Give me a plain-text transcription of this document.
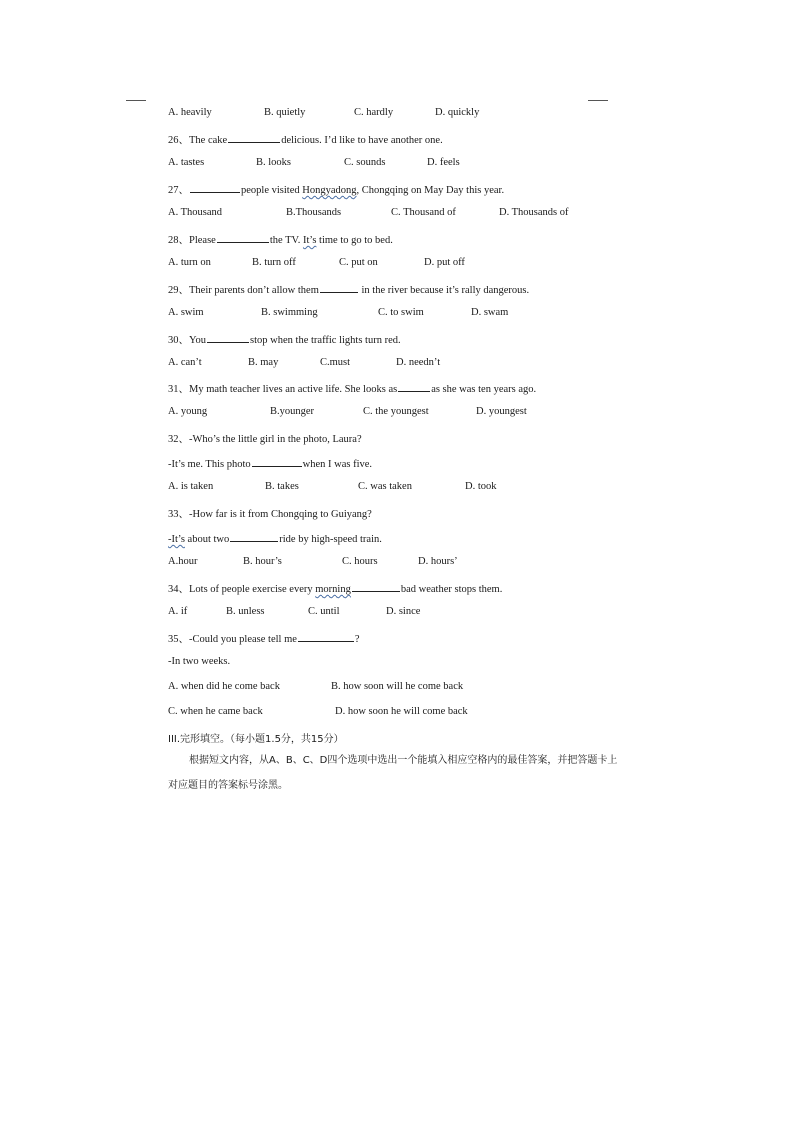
A. heavily	B. quietly	C. hardly	D. quickly
26、The cake	delicious. I’d like to have another one.
A. tastes	B. looks	C. sounds	D. feels
27、	people visited Hongyadong, Chongqing on May Day this year.
A. Thousand	B.Thousands	C. Thousand of	D. Thousands of
28、Please	the TV. It’s time to go to bed.
A. turn on	B. turn off	C. put on	D. put off
29、Their parents don’t allow them	in the river because it’s rally dangerous.
A. swim	B. swimming	C. to swim	D. swam
30、You	stop when the traffic lights turn red.
A. can’t	B. may	C.must	D. needn’t
31、My math teacher lives an active life. She looks as	as she was ten years ago.
A. young	B.younger	C. the youngest	D. youngest
32、-Who’s the little girl in the photo, Laura?
-It’s me. This photo	when I was five.
A. is taken	B. takes	C. was taken	D. took
33、-How far is it from Chongqing to Guiyang?
-It’s about two	ride by high-speed train.
A.hour	B. hour’s	C. hours	D. hours’
34、Lots of people exercise every morning	bad weather stops them.
A. if	B. unless	C. until	D. since
35、-Could you please tell me	?
-In two weeks.
A. when did he come back	B. how soon will he come back
C. when he came back	D. how soon he will come back
III.完形填空。（每小题1.5分，共15分）
根据短文内容，从A、B、C、D四个选项中选出一个能填入相应空格内的最佳答案，并把答题卡上对应题目的答案标号涂黑。
